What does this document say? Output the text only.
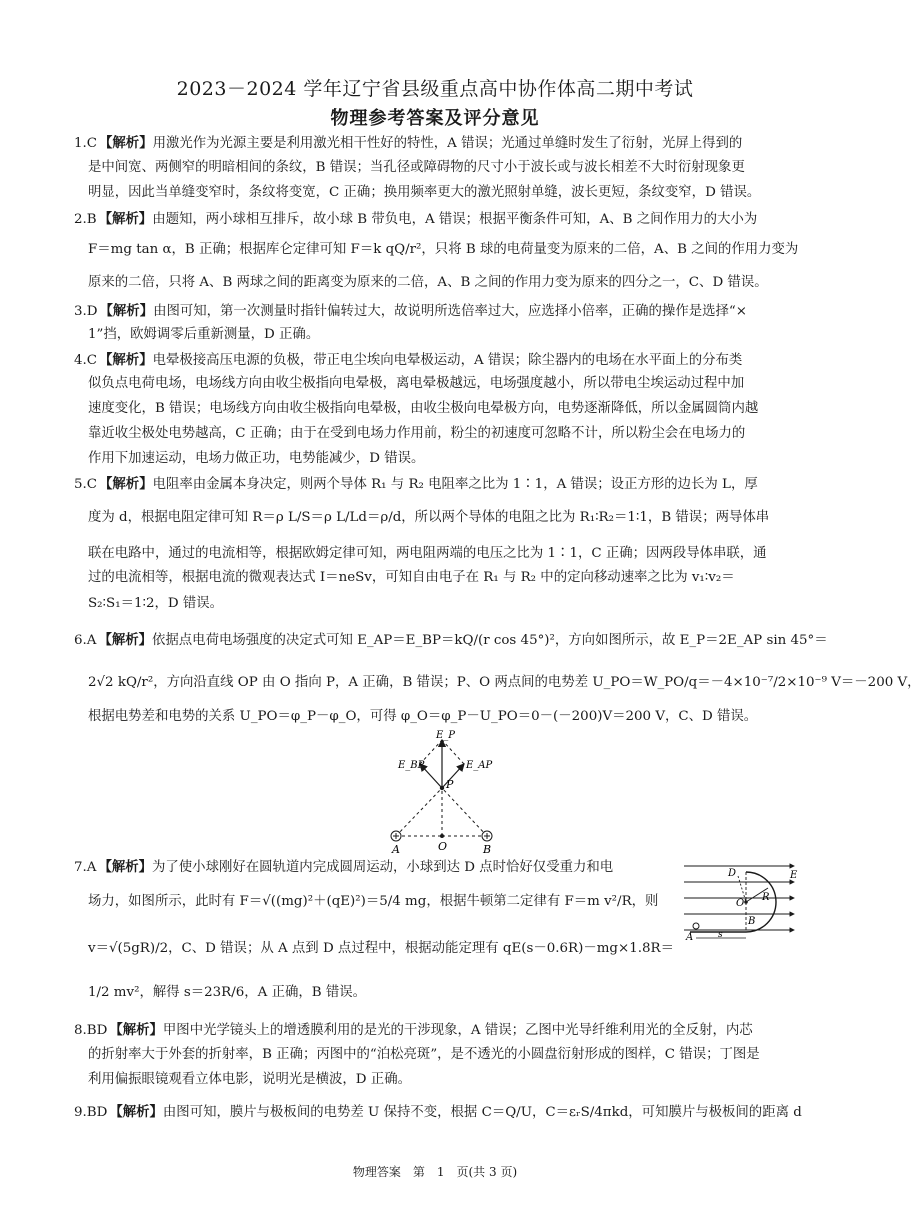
2023－2024 学年辽宁省县级重点高中协作体高二期中考试
物理参考答案及评分意见
1.C 【解析】用激光作为光源主要是利用激光相干性好的特性，A 错误；光通过单缝时发生了衍射，光屏上得到的
是中间宽、两侧窄的明暗相间的条纹，B 错误；当孔径或障碍物的尺寸小于波长或与波长相差不大时衍射现象更
明显，因此当单缝变窄时，条纹将变宽，C 正确；换用频率更大的激光照射单缝，波长更短，条纹变窄，D 错误。
2.B 【解析】由题知，两小球相互排斥，故小球 B 带负电，A 错误；根据平衡条件可知，A、B 之间作用力的大小为
F＝mg tan α，B 正确；根据库仑定律可知 F＝k qQ/r²，只将 B 球的电荷量变为原来的二倍，A、B 之间的作用力变为
原来的二倍，只将 A、B 两球之间的距离变为原来的二倍，A、B 之间的作用力变为原来的四分之一，C、D 错误。
3.D 【解析】由图可知，第一次测量时指针偏转过大，故说明所选倍率过大，应选择小倍率，正确的操作是选择“×
1”挡，欧姆调零后重新测量，D 正确。
4.C 【解析】电晕极接高压电源的负极，带正电尘埃向电晕极运动，A 错误；除尘器内的电场在水平面上的分布类
似负点电荷电场，电场线方向由收尘极指向电晕极，离电晕极越远，电场强度越小，所以带电尘埃运动过程中加
速度变化，B 错误；电场线方向由收尘极指向电晕极，由收尘极向电晕极方向，电势逐渐降低，所以金属圆筒内越
靠近收尘极处电势越高，C 正确；由于在受到电场力作用前，粉尘的初速度可忽略不计，所以粉尘会在电场力的
作用下加速运动，电场力做正功，电势能减少，D 错误。
5.C 【解析】电阻率由金属本身决定，则两个导体 R₁ 与 R₂ 电阻率之比为 1∶1，A 错误；设正方形的边长为 L，厚
度为 d，根据电阻定律可知 R＝ρ L/S＝ρ L/Ld＝ρ/d，所以两个导体的电阻之比为 R₁∶R₂＝1∶1，B 错误；两导体串
联在电路中，通过的电流相等，根据欧姆定律可知，两电阻两端的电压之比为 1∶1，C 正确；因两段导体串联，通
过的电流相等，根据电流的微观表达式 I＝neSv，可知自由电子在 R₁ 与 R₂ 中的定向移动速率之比为 v₁∶v₂＝
S₂∶S₁＝1∶2，D 错误。
6.A 【解析】依据点电荷电场强度的决定式可知 E_AP＝E_BP＝kQ/(r cos 45°)²，方向如图所示，故 E_P＝2E_AP sin 45°＝
2√2 kQ/r²，方向沿直线 OP 由 O 指向 P，A 正确，B 错误；P、O 两点间的电势差 U_PO＝W_PO/q＝－4×10⁻⁷/2×10⁻⁹ V＝－200 V，
根据电势差和电势的关系 U_PO＝φ_P－φ_O，可得 φ_O＝φ_P－U_PO＝0－(－200)V＝200 V，C、D 错误。
E_P
E_AP
E_BP
P
A	O	B
7.A 【解析】为了使小球刚好在圆轨道内完成圆周运动，小球到达 D 点时恰好仅受重力和电
场力，如图所示，此时有 F＝√((mg)²＋(qE)²)＝5/4 mg，根据牛顿第二定律有 F＝m v²/R，则
v＝√(5gR)/2，C、D 错误；从 A 点到 D 点过程中，根据动能定理有 qE(s－0.6R)－mg×1.8R＝
1/2 mv²，解得 s＝23R/6，A 正确，B 错误。
D	E
O
R
B
A	s
8.BD 【解析】甲图中光学镜头上的增透膜利用的是光的干涉现象，A 错误；乙图中光导纤维利用光的全反射，内芯
的折射率大于外套的折射率，B 正确；丙图中的“泊松亮斑”，是不透光的小圆盘衍射形成的图样，C 错误；丁图是
利用偏振眼镜观看立体电影，说明光是横波，D 正确。
9.BD 【解析】由图可知，膜片与极板间的电势差 U 保持不变，根据 C＝Q/U，C＝εᵣS/4πkd，可知膜片与极板间的距离 d
物理答案　第　1　页(共 3 页)
